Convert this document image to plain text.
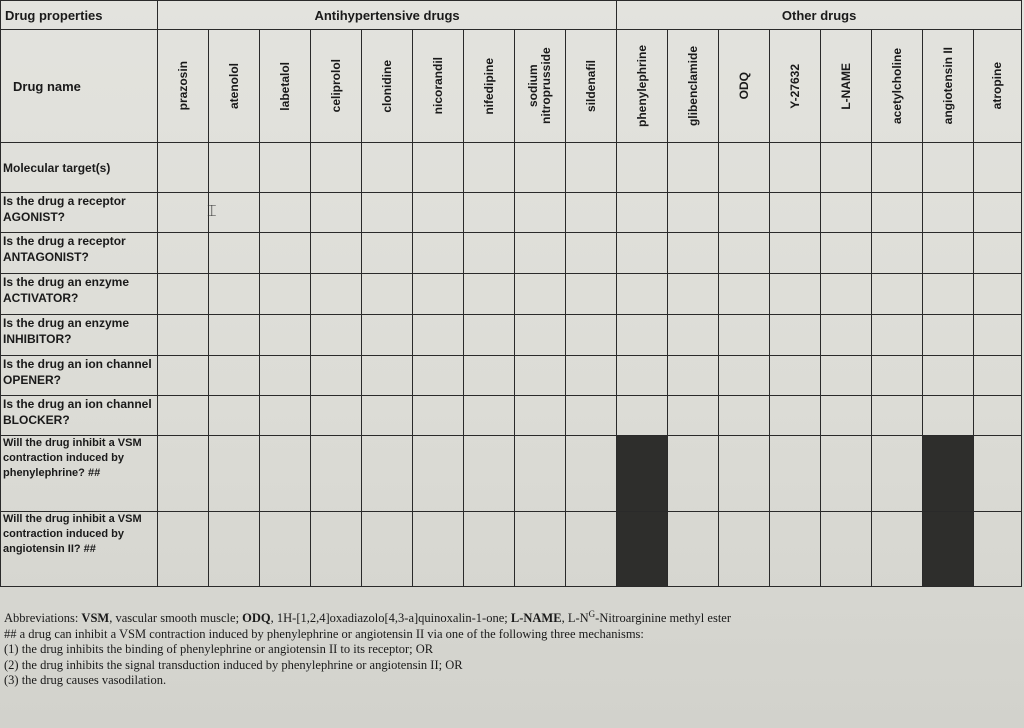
Drug properties	Antihypertensive drugs									Other drugs							
Drug name	prazosin	atenolol	labetalol	celiprolol	clonidine	nicorandil	nifedipine	sodium nitroprusside	sildenafil	phenylephrine	glibenclamide	ODQ	Y-27632	L-NAME	acetylcholine	angiotensin II	atropine

Molecular target(s)																	
Is the drug a receptor AGONIST?																	
Is the drug a receptor ANTAGONIST?																	
Is the drug an enzyme ACTIVATOR?																	
Is the drug an enzyme INHIBITOR?																	
Is the drug an ion channel OPENER?																	
Is the drug an ion channel BLOCKER?																	
Will the drug inhibit a VSM contraction induced by phenylephrine? ##																	
Will the drug inhibit a VSM contraction induced by angiotensin II? ##																	
⌶
Abbreviations: VSM, vascular smooth muscle; ODQ, 1H-[1,2,4]oxadiazolo[4,3-a]quinoxalin-1-one; L-NAME, $L-N^G$-Nitroarginine methyl ester
## a drug can inhibit a VSM contraction induced by phenylephrine or angiotensin II via one of the following three mechanisms:
(1) the drug inhibits the binding of phenylephrine or angiotensin II to its receptor; OR
(2) the drug inhibits the signal transduction induced by phenylephrine or angiotensin II; OR
(3) the drug causes vasodilation.
